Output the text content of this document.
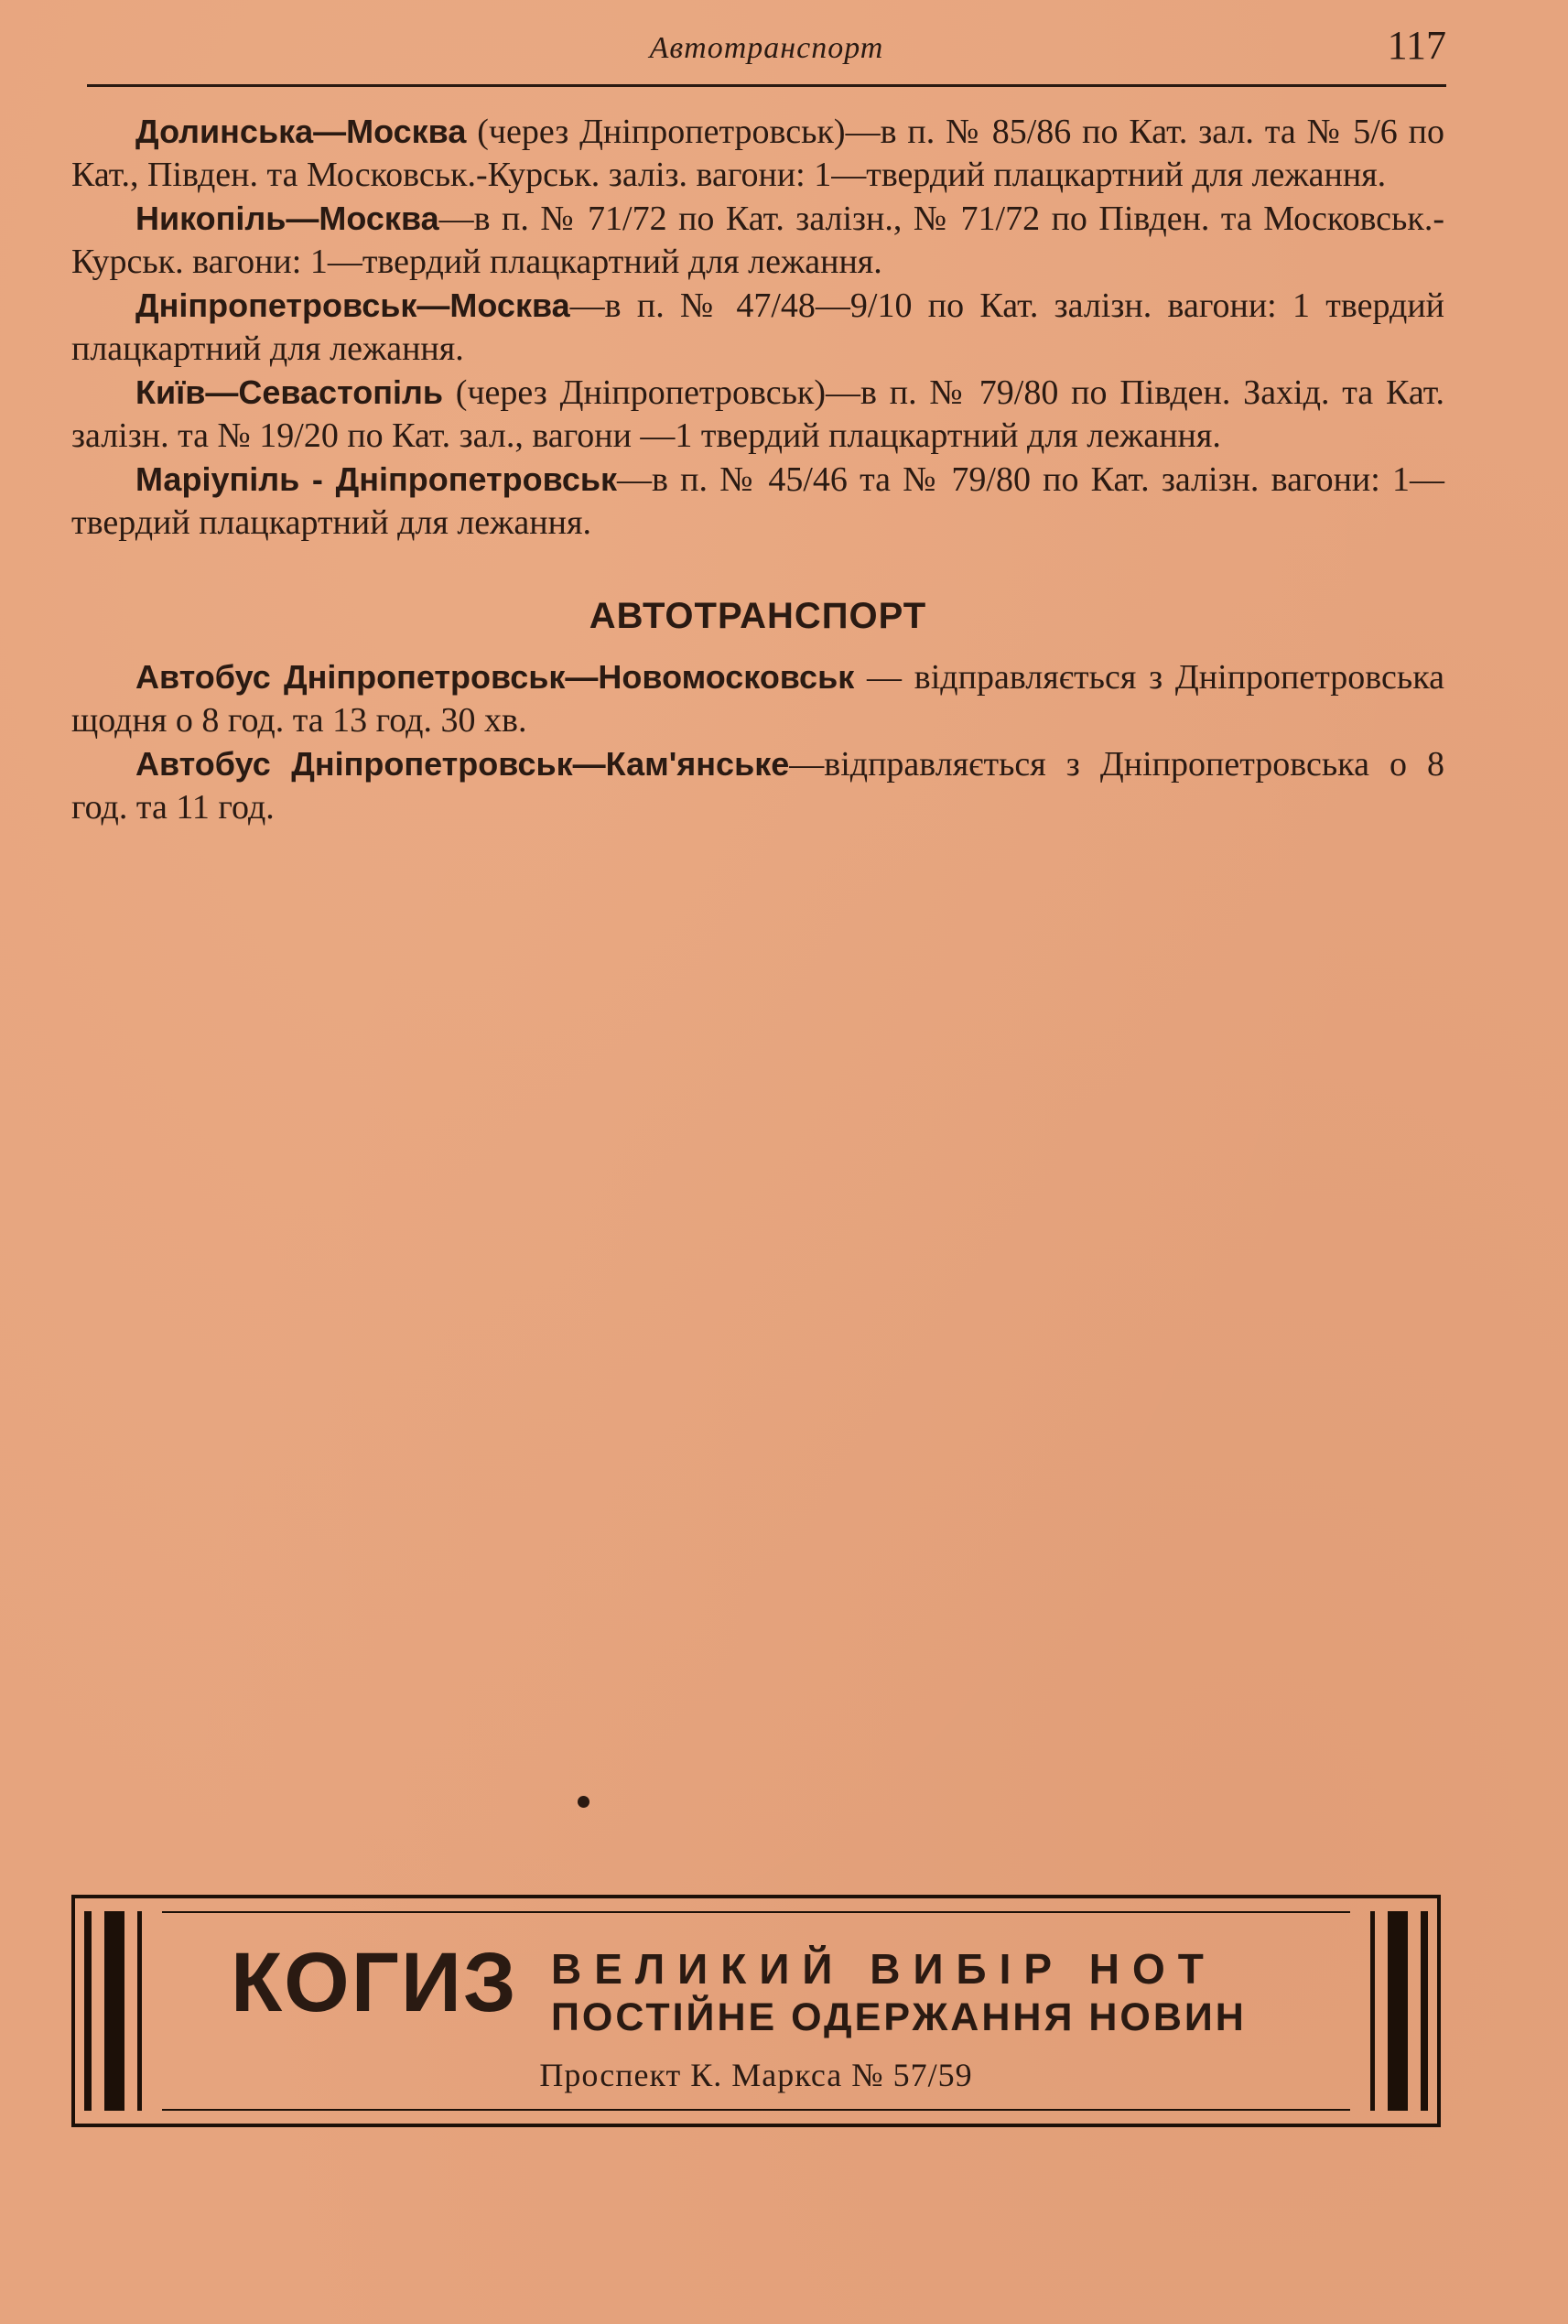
Автотранспорт	117

Долинська—Москва (через Дніпропетровськ)—в п. № 85/86 по Кат. зал. та № 5/6 по Кат., Півден. та Московськ.-Курськ. заліз. вагони: 1—твердий плацкартний для лежання.

Никопіль—Москва—в п. № 71/72 по Кат. залізн., № 71/72 по Півден. та Московськ.-Курськ. вагони: 1—твердий плацкартний для лежання.

Дніпропетровськ—Москва—в п. № 47/48—9/10 по Кат. залізн. вагони: 1 твердий плацкартний для лежання.

Київ—Севастопіль (через Дніпропетровськ)—в п. № 79/80 по Півден. Захід. та Кат. залізн. та № 19/20 по Кат. зал., вагони —1 твердий плацкартний для лежання.

Маріупіль - Дніпропетровськ—в п. № 45/46 та № 79/80 по Кат. залізн. вагони: 1—твердий плацкартний для лежання.

АВТОТРАНСПОРТ

Автобус Дніпропетровськ—Новомосковськ — відправляється з Дніпропетровська щодня о 8 год. та 13 год. 30 хв.

Автобус Дніпропетровськ—Кам'янське—відправляється з Дніпропетровська о 8 год. та 11 год.

КОГИЗ ВЕЛИКИЙ ВИБІР НОТ
ПОСТІЙНЕ ОДЕРЖАННЯ НОВИН
Проспект К. Маркса № 57/59
